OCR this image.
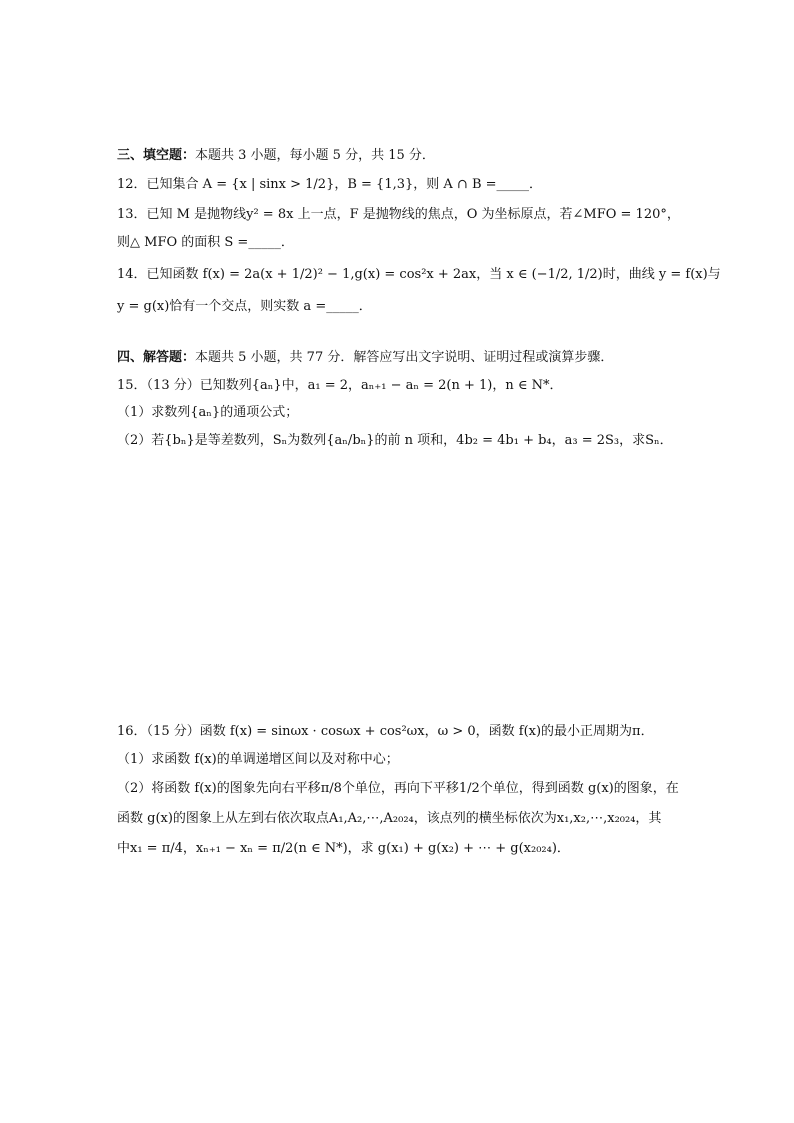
三、填空题：本题共 3 小题，每小题 5 分，共 15 分．
12．已知集合 A = {x | sinx > 1/2}，B = {1,3}，则 A ∩ B =_____．
13．已知 M 是抛物线y² = 8x 上一点，F 是抛物线的焦点，O 为坐标原点，若∠MFO = 120°，
则△ MFO 的面积 S =_____．
14．已知函数 f(x) = 2a(x + 1/2)² − 1,g(x) = cos²x + 2ax，当 x ∈ (−1/2, 1/2)时，曲线 y = f(x)与
y = g(x)恰有一个交点，则实数 a =_____．
四、解答题：本题共 5 小题，共 77 分．解答应写出文字说明、证明过程或演算步骤．
15．（13 分）已知数列{aₙ}中，a₁ = 2，aₙ₊₁ − aₙ = 2(n + 1)，n ∈ N*．
（1）求数列{aₙ}的通项公式；
（2）若{bₙ}是等差数列，Sₙ为数列{aₙ/bₙ}的前 n 项和，4b₂ = 4b₁ + b₄，a₃ = 2S₃，求Sₙ．
16．（15 分）函数 f(x) = sinωx · cosωx + cos²ωx，ω > 0，函数 f(x)的最小正周期为π．
（1）求函数 f(x)的单调递增区间以及对称中心；
（2）将函数 f(x)的图象先向右平移π/8个单位，再向下平移1/2个单位，得到函数 g(x)的图象，在
函数 g(x)的图象上从左到右依次取点A₁,A₂,⋯,A₂₀₂₄，该点列的横坐标依次为x₁,x₂,⋯,x₂₀₂₄，其
中x₁ = π/4，xₙ₊₁ − xₙ = π/2(n ∈ N*)，求 g(x₁) + g(x₂) + ⋯ + g(x₂₀₂₄)．
